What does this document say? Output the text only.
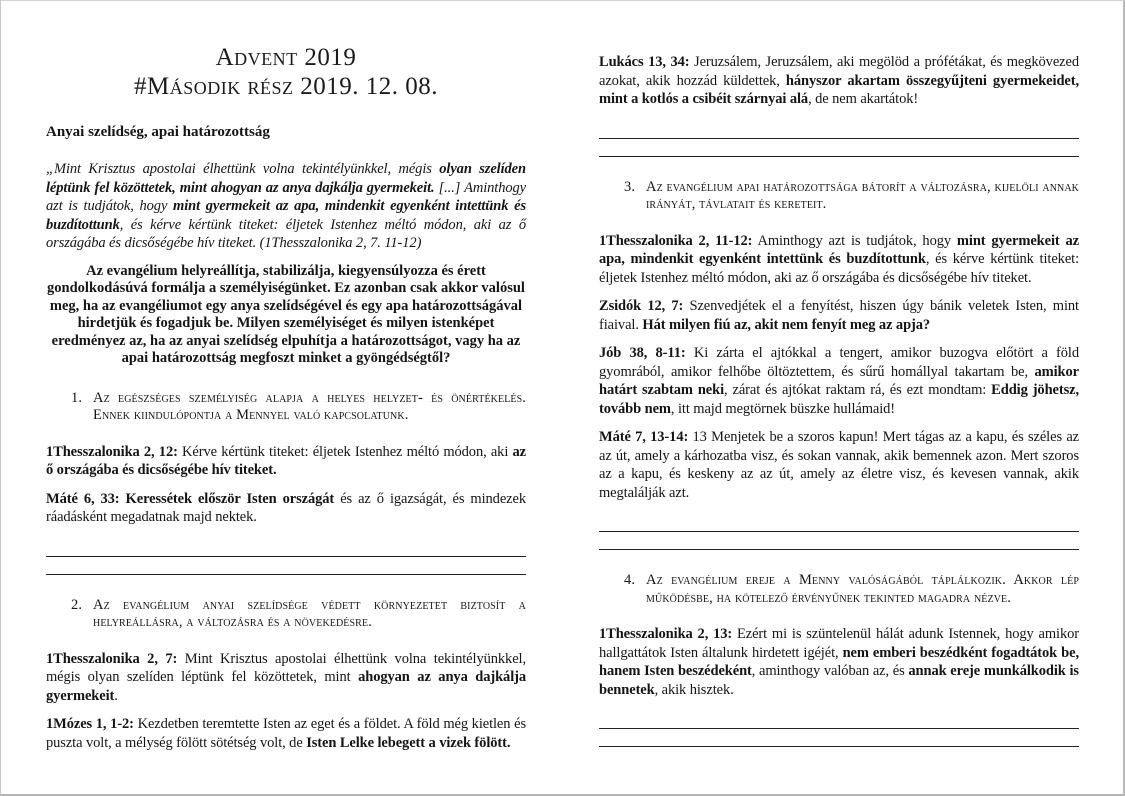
Advent 2019
#Második rész 2019. 12. 08.
Anyai szelídség, apai határozottság

„Mint Krisztus apostolai élhettünk volna tekintélyünkkel, mégis olyan szelíden léptünk fel közöttetek, mint ahogyan az anya dajkálja gyermekeit. [...] Aminthogy azt is tudjátok, hogy mint gyermekeit az apa, mindenkit egyenként intettünk és buzdítottunk, és kérve kértünk titeket: éljetek Istenhez méltó módon, aki az ő országába és dicsőségébe hív titeket. (1Thesszalonika 2, 7. 11-12)

Az evangélium helyreállítja, stabilizálja, kiegyensúlyozza és érett gondolkodásúvá formálja a személyiségünket. Ez azonban csak akkor valósul meg, ha az evangéliumot egy anya szelídségével és egy apa határozottságával hirdetjük és fogadjuk be. Milyen személyiséget és milyen istenképet eredményez az, ha az anyai szelídség elpuhítja a határozottságot, vagy ha az apai határozottság megfoszt minket a gyöngédségtől?

1. Az egészséges személyiség alapja a helyes helyzet- és önértékelés. Ennek kiindulópontja a Mennyel való kapcsolatunk.

1Thesszalonika 2, 12: Kérve kértünk titeket: éljetek Istenhez méltó módon, aki az ő országába és dicsőségébe hív titeket.

Máté 6, 33: Keressétek először Isten országát és az ő igazságát, és mindezek ráadásként megadatnak majd nektek.

2. Az evangélium anyai szelídsége védett környezetet biztosít a helyreállásra, a változásra és a növekedésre.

1Thesszalonika 2, 7: Mint Krisztus apostolai élhettünk volna tekintélyünkkel, mégis olyan szelíden léptünk fel közöttetek, mint ahogyan az anya dajkálja gyermekeit.

1Mózes 1, 1-2: Kezdetben teremtette Isten az eget és a földet. A föld még kietlen és puszta volt, a mélység fölött sötétség volt, de Isten Lelke lebegett a vizek fölött.

Lukács 13, 34: Jeruzsálem, Jeruzsálem, aki megölöd a prófétákat, és megkövezed azokat, akik hozzád küldettek, hányszor akartam összegyűjteni gyermekeidet, mint a kotlós a csibéit szárnyai alá, de nem akartátok!

3. Az evangélium apai határozottsága bátorít a változásra, kijelöli annak irányát, távlatait és kereteit.

1Thesszalonika 2, 11-12: Aminthogy azt is tudjátok, hogy mint gyermekeit az apa, mindenkit egyenként intettünk és buzdítottunk, és kérve kértünk titeket: éljetek Istenhez méltó módon, aki az ő országába és dicsőségébe hív titeket.

Zsidók 12, 7: Szenvedjétek el a fenyítést, hiszen úgy bánik veletek Isten, mint fiaival. Hát milyen fiú az, akit nem fenyít meg az apja?

Jób 38, 8-11: Ki zárta el ajtókkal a tengert, amikor buzogva előtört a föld gyomrából, amikor felhőbe öltöztettem, és sűrű homállyal takartam be, amikor határt szabtam neki, zárat és ajtókat raktam rá, és ezt mondtam: Eddig jöhetsz, tovább nem, itt majd megtörnek büszke hullámaid!

Máté 7, 13-14: 13 Menjetek be a szoros kapun! Mert tágas az a kapu, és széles az az út, amely a kárhozatba visz, és sokan vannak, akik bemennek azon. Mert szoros az a kapu, és keskeny az az út, amely az életre visz, és kevesen vannak, akik megtalálják azt.

4. Az evangélium ereje a Menny valóságából táplálkozik. Akkor lép működésbe, ha kötelező érvényűnek tekinted magadra nézve.

1Thesszalonika 2, 13: Ezért mi is szüntelenül hálát adunk Istennek, hogy amikor hallgattátok Isten általunk hirdetett igéjét, nem emberi beszédként fogadtátok be, hanem Isten beszédeként, aminthogy valóban az, és annak ereje munkálkodik is bennetek, akik hisztek.
